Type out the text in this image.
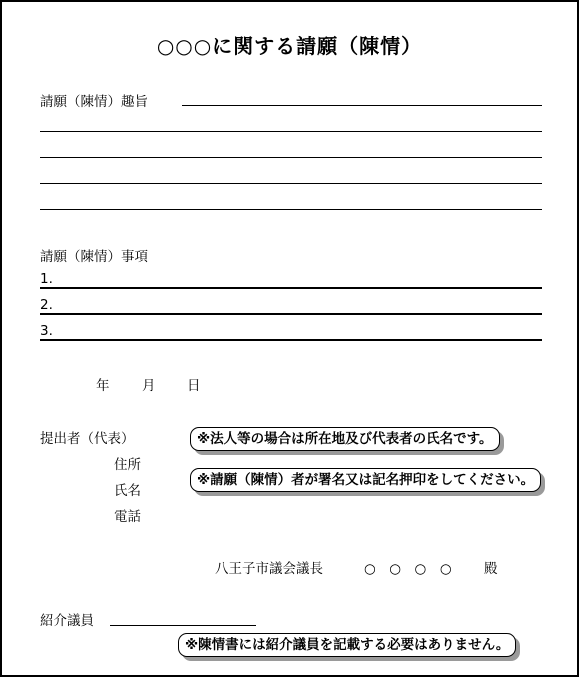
○○○に関する請願（陳情）
請願（陳情）趣旨
請願（陳情）事項
1.
2.
3.
年 月 日
提出者（代表）	※法人等の場合は所在地及び代表者の氏名です。
住所
※請願（陳情）者が署名又は記名押印をしてください。
氏名
電話
八王子市議会議長	○　○　○　○ 殿
紹介議員
※陳情書には紹介議員を記載する必要はありません。
